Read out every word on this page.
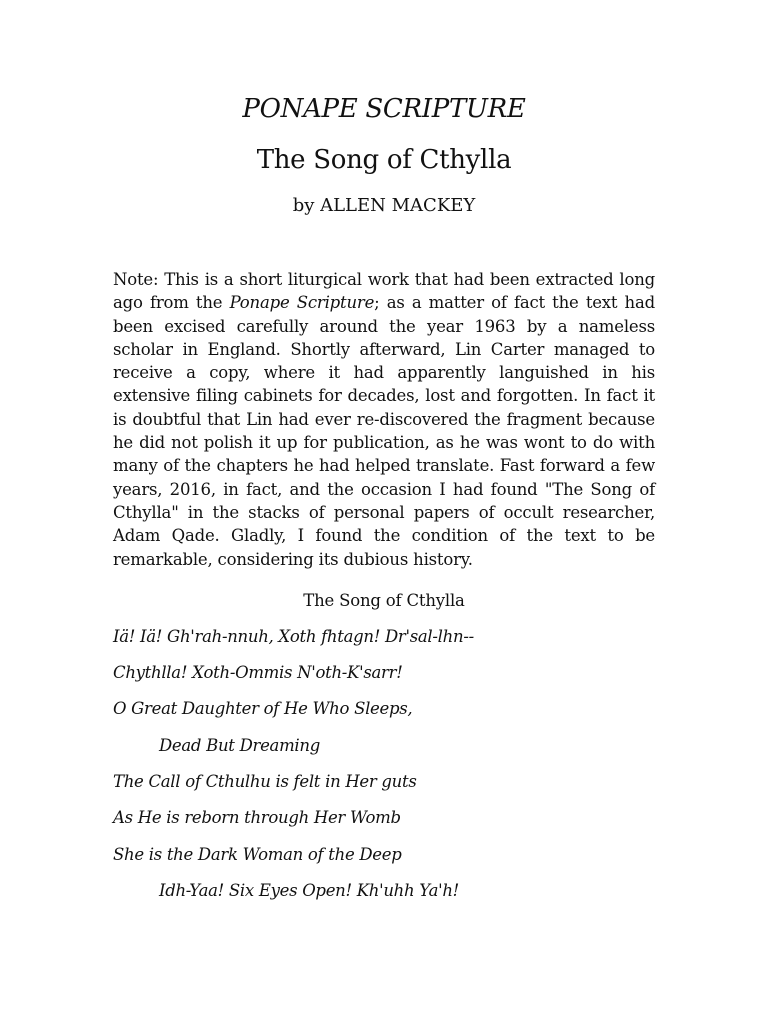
PONAPE SCRIPTURE
The Song of Cthylla
by ALLEN MACKEY

Note: This is a short liturgical work that had been extracted long ago from the Ponape Scripture; as a matter of fact the text had been excised carefully around the year 1963 by a nameless scholar in England. Shortly afterward, Lin Carter managed to receive a copy, where it had apparently languished in his extensive filing cabinets for decades, lost and forgotten. In fact it is doubtful that Lin had ever re-discovered the fragment because he did not polish it up for publication, as he was wont to do with many of the chapters he had helped translate. Fast forward a few years, 2016, in fact, and the occasion I had found "The Song of Cthylla" in the stacks of personal papers of occult researcher, Adam Qade. Gladly, I found the condition of the text to be remarkable, considering its dubious history.

The Song of Cthylla
Iä! Iä! Gh'rah-nnuh, Xoth fhtagn! Dr'sal-lhn--
Chythlla! Xoth-Ommis N'oth-K'sarr!
O Great Daughter of He Who Sleeps,
Dead But Dreaming
The Call of Cthulhu is felt in Her guts
As He is reborn through Her Womb
She is the Dark Woman of the Deep
Idh-Yaa! Six Eyes Open! Kh'uhh Ya'h!
